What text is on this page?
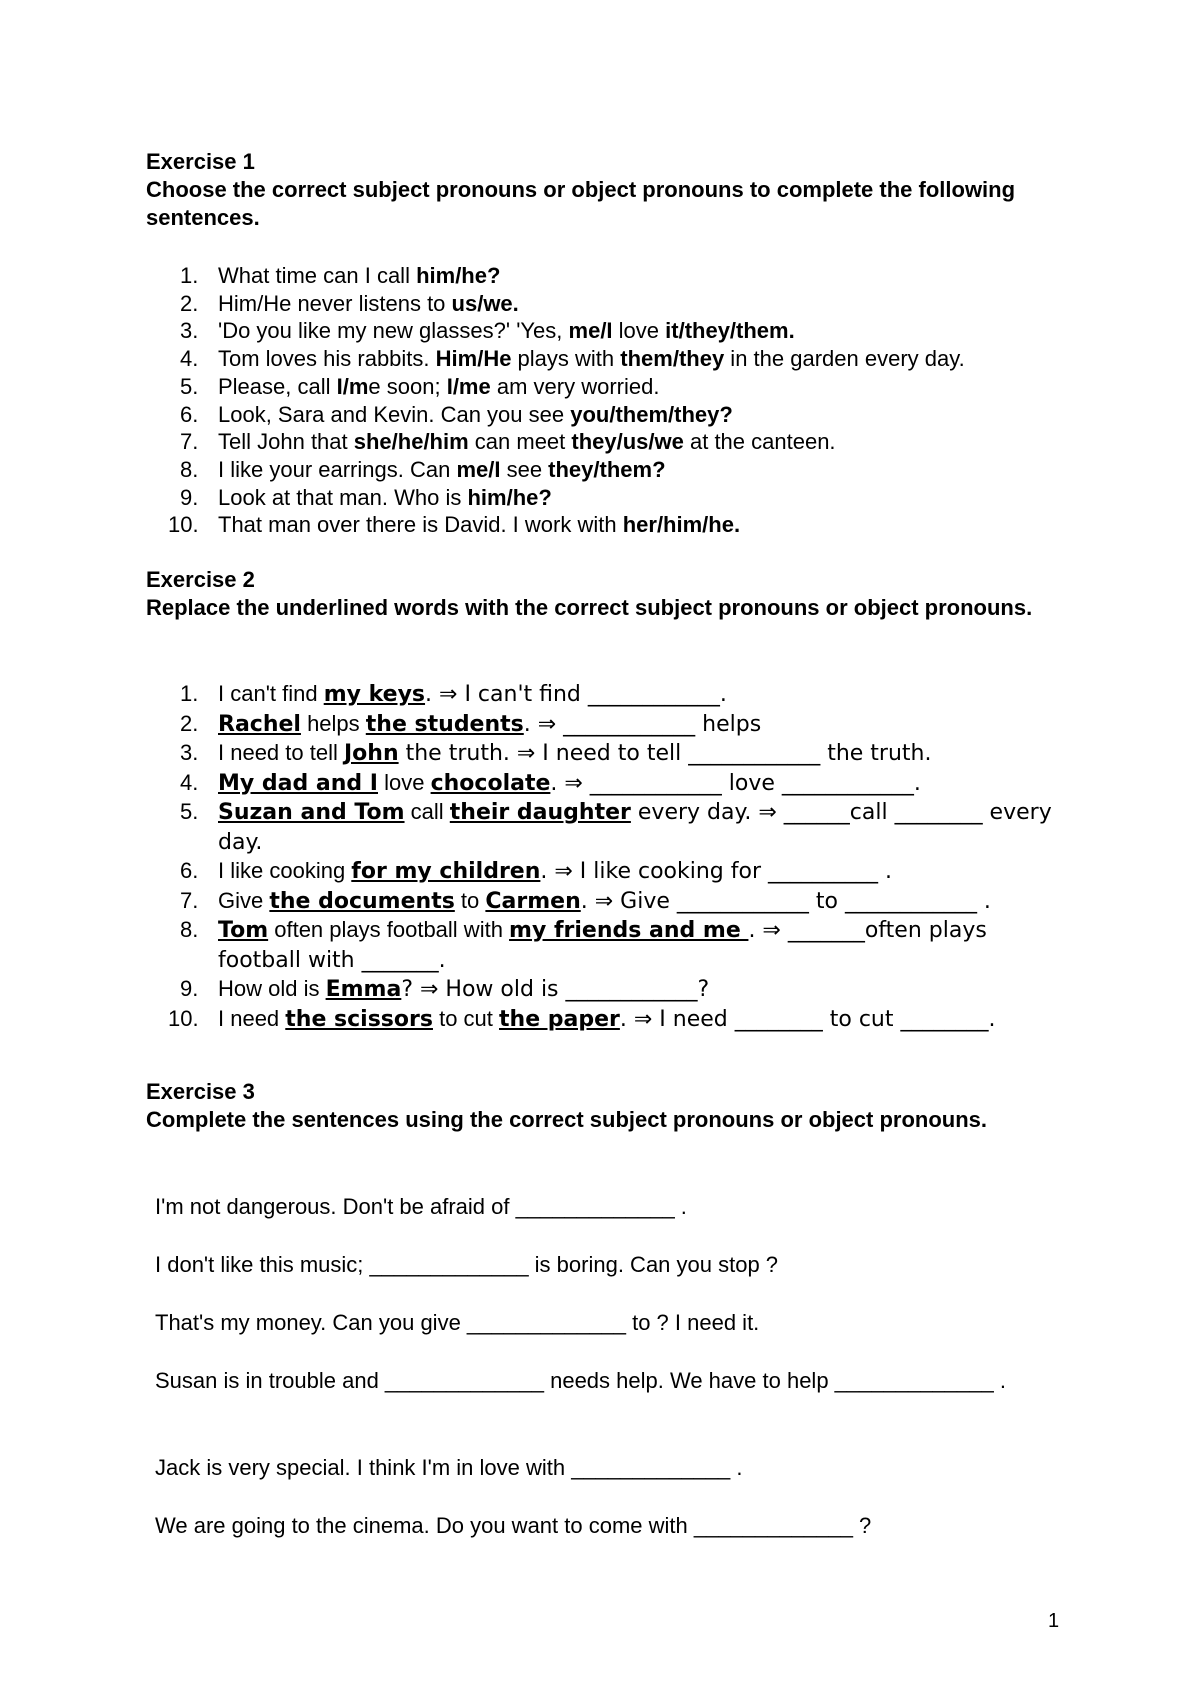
Exercise 1
Choose the correct subject pronouns or object pronouns to complete the following sentences.
1. What time can I call him/he?
2. Him/He never listens to us/we.
3. 'Do you like my new glasses?' 'Yes, me/I love it/they/them.
4. Tom loves his rabbits. Him/He plays with them/they in the garden every day.
5. Please, call I/me soon; I/me am very worried.
6. Look, Sara and Kevin. Can you see you/them/they?
7. Tell John that she/he/him can meet they/us/we at the canteen.
8. I like your earrings. Can me/I see they/them?
9. Look at that man. Who is him/he?
10. That man over there is David. I work with her/him/he.
Exercise 2
Replace the underlined words with the correct subject pronouns or object pronouns.
1. I can't find my keys. ⇒ I can't find ____________.
2. Rachel helps the students. ⇒ ____________ helps
3. I need to tell John the truth. ⇒ I need to tell ____________ the truth.
4. My dad and I love chocolate. ⇒ ____________ love ____________.
5. Suzan and Tom call their daughter every day. ⇒ ______call ________ every day.
6. I like cooking for my children. ⇒ I like cooking for __________ .
7. Give the documents to Carmen. ⇒ Give ____________ to ____________ .
8. Tom often plays football with my friends and me . ⇒ _______often plays football with _______.
9. How old is Emma? ⇒ How old is ____________?
10. I need the scissors to cut the paper. ⇒ I need ________ to cut ________.
Exercise 3
Complete the sentences using the correct subject pronouns or object pronouns.
I'm not dangerous. Don't be afraid of _____________ .
I don't like this music; _____________ is boring. Can you stop ?
That's my money. Can you give _____________ to ? I need it.
Susan is in trouble and _____________ needs help. We have to help _____________ .
Jack is very special. I think I'm in love with _____________ .
We are going to the cinema. Do you want to come with _____________ ?
1
